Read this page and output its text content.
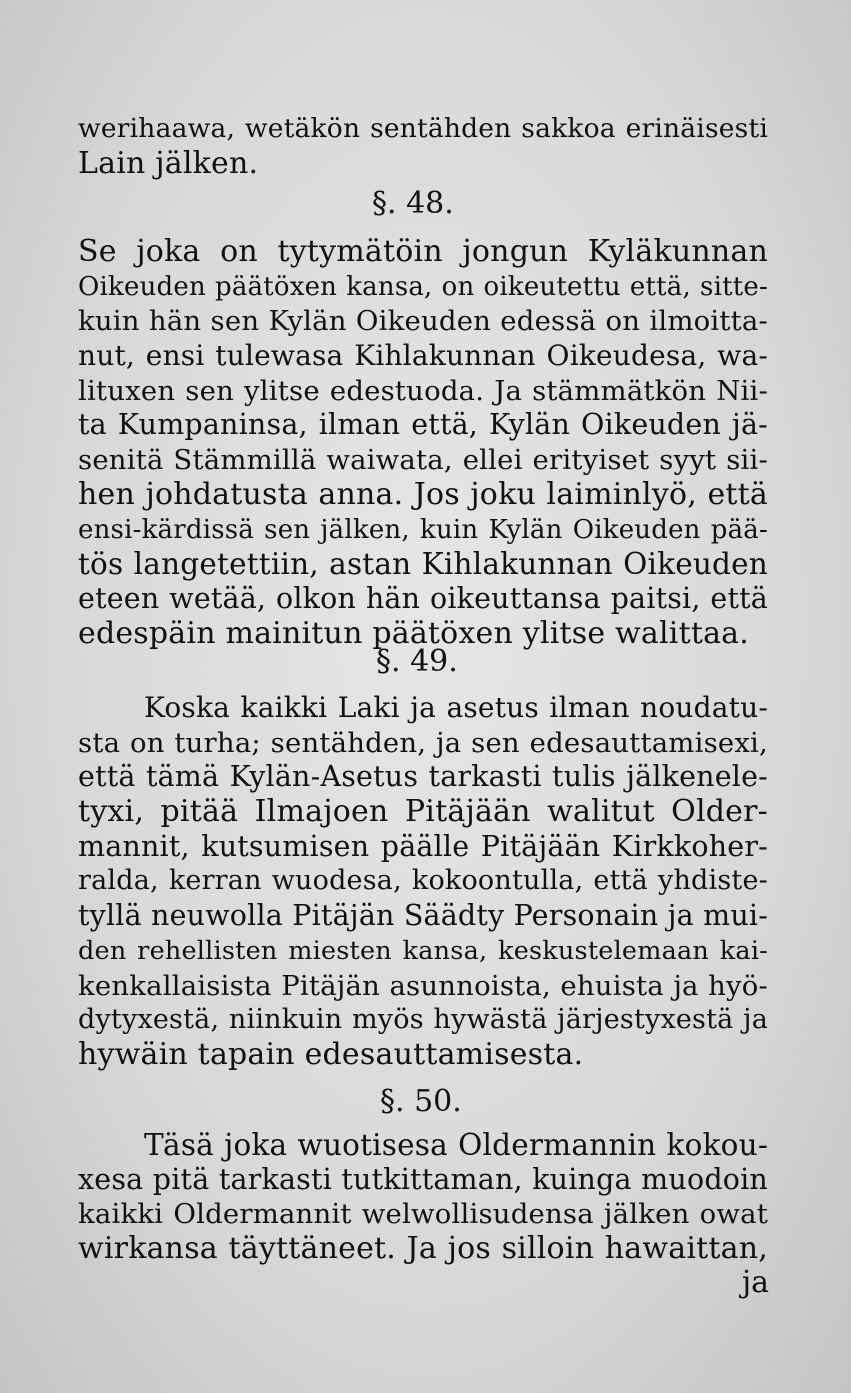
werihaawa, wetäkön sentähden sakkoa erinäisesti
Lain jälken.
§. 48.
Se joka on tytymätöin jongun Kyläkunnan
Oikeuden päätöxen kansa, on oikeutettu että, sitte-
kuin hän sen Kylän Oikeuden edessä on ilmoitta-
nut, ensi tulewasa Kihlakunnan Oikeudesa, wa-
lituxen sen ylitse edestuoda. Ja stämmätkön Nii-
ta Kumpaninsa, ilman että, Kylän Oikeuden jä-
senitä Stämmillä waiwata, ellei erityiset syyt sii-
hen johdatusta anna. Jos joku laiminlyö, että
ensi-kärdissä sen jälken, kuin Kylän Oikeuden pää-
tös langetettiin, astan Kihlakunnan Oikeuden
eteen wetää, olkon hän oikeuttansa paitsi, että
edespäin mainitun päätöxen ylitse walittaa.
§. 49.
Koska kaikki Laki ja asetus ilman noudatu-
sta on turha; sentähden, ja sen edesauttamisexi,
että tämä Kylän-Asetus tarkasti tulis jälkenele-
tyxi, pitää Ilmajoen Pitäjään walitut Older-
mannit, kutsumisen päälle Pitäjään Kirkkoher-
ralda, kerran wuodesa, kokoontulla, että yhdiste-
tyllä neuwolla Pitäjän Säädty Personain ja mui-
den rehellisten miesten kansa, keskustelemaan kai-
kenkallaisista Pitäjän asunnoista, ehuista ja hyö-
dytyxestä, niinkuin myös hywästä järjestyxestä ja
hywäin tapain edesauttamisesta.
§. 50.
Täsä joka wuotisesa Oldermannin kokou-
xesa pitä tarkasti tutkittaman, kuinga muodoin
kaikki Oldermannit welwollisudensa jälken owat
wirkansa täyttäneet. Ja jos silloin hawaittan,
ja
